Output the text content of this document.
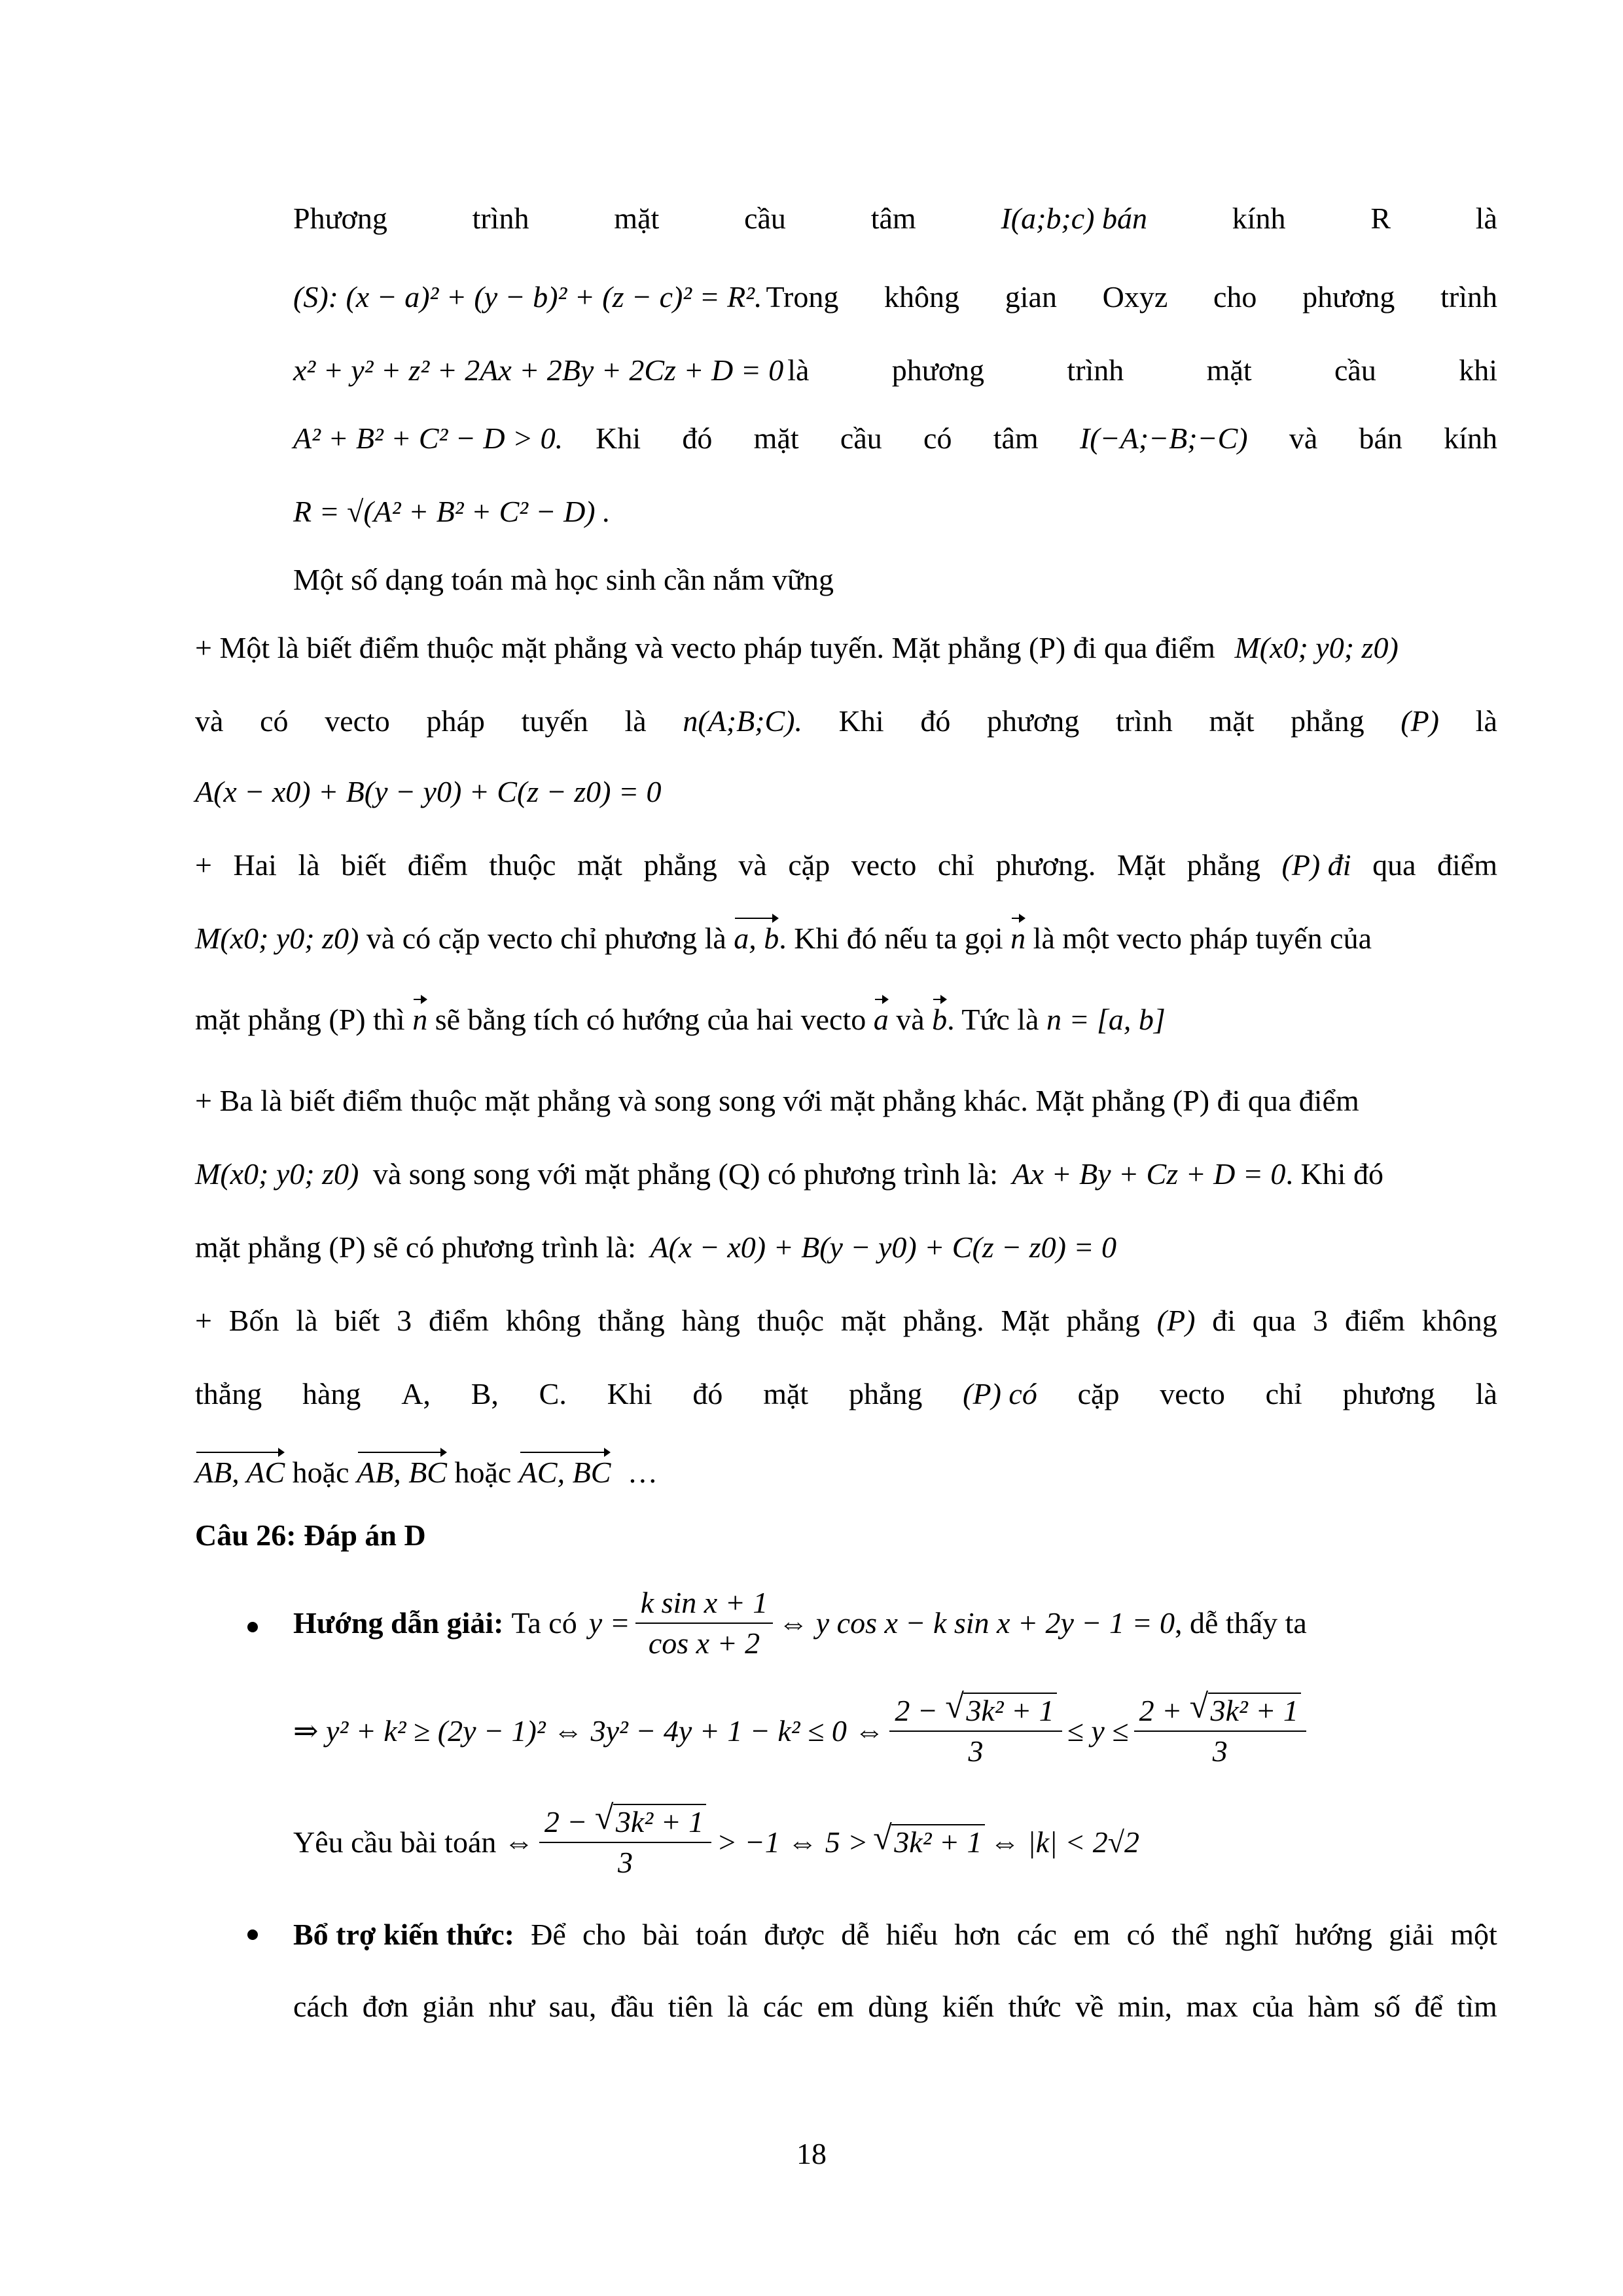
Phương	trình	mặt	cầu	tâm	I(a;b;c) bán	kính	R	là
(S): (x − a)² + (y − b)² + (z − c)² = R². Trong không gian Oxyz cho phương trình
x² + y² + z² + 2Ax + 2By + 2Cz + D = 0 là	phương	trình	mặt	cầu	khi
A² + B² + C² − D > 0. Khi đó mặt cầu có tâm I(−A;−B;−C) và bán kính
R = √(A² + B² + C² − D) .
Một số dạng toán mà học sinh cần nắm vững
+ Một là biết điểm thuộc mặt phẳng và vecto pháp tuyến. Mặt phẳng (P) đi qua điểm M(x0; y0; z0)
và có vecto pháp tuyến là n(A;B;C). Khi đó phương trình mặt phẳng (P) là
A(x − x0) + B(y − y0) + C(z − z0) = 0
+ Hai là biết điểm thuộc mặt phẳng và cặp vecto chỉ phương. Mặt phẳng (P) đi qua điểm
M(x0; y0; z0) và có cặp vecto chỉ phương là a, b. Khi đó nếu ta gọi n là một vecto pháp tuyến của
mặt phẳng (P) thì n sẽ bằng tích có hướng của hai vecto a và b. Tức là n = [a, b]
+ Ba là biết điểm thuộc mặt phẳng và song song với mặt phẳng khác. Mặt phẳng (P) đi qua điểm
M(x0; y0; z0) và song song với mặt phẳng (Q) có phương trình là: Ax + By + Cz + D = 0. Khi đó
mặt phẳng (P) sẽ có phương trình là: A(x − x0) + B(y − y0) + C(z − z0) = 0
+ Bốn là biết 3 điểm không thẳng hàng thuộc mặt phẳng. Mặt phẳng (P) đi qua 3 điểm không
thẳng hàng A, B, C. Khi đó mặt phẳng (P) có cặp vecto chỉ phương là
AB, AC hoặc AB, BC hoặc AC, BC …
Câu 26: Đáp án D
Hướng dẫn giải: Ta có $y = \frac{\text{k sin x + 1}}{\text{cos x + 2}}$ ⇔ y cos x − k sin x + 2y − 1 = 0 , dễ thấy ta
⇒ y² + k² ≥ (2y − 1)² ⇔ 3y² − 4y + 1 − k² ≤ 0 ⇔ $\frac{\text{2 − √ 3k² + 1}}{3} \le y \le \frac{\text{2 + √ 3k² + 1}}{3}$
Yêu cầu bài toán ⇔ $\frac{\text{2 − √ 3k² + 1}}{3} > -1$ ⇔ 5 > √ 3k² + 1 ⇔ |k| < 2√2
Bổ trợ kiến thức: Để cho bài toán được dễ hiểu hơn các em có thể nghĩ hướng giải một
cách đơn giản như sau, đầu tiên là các em dùng kiến thức về min, max của hàm số để tìm
18
